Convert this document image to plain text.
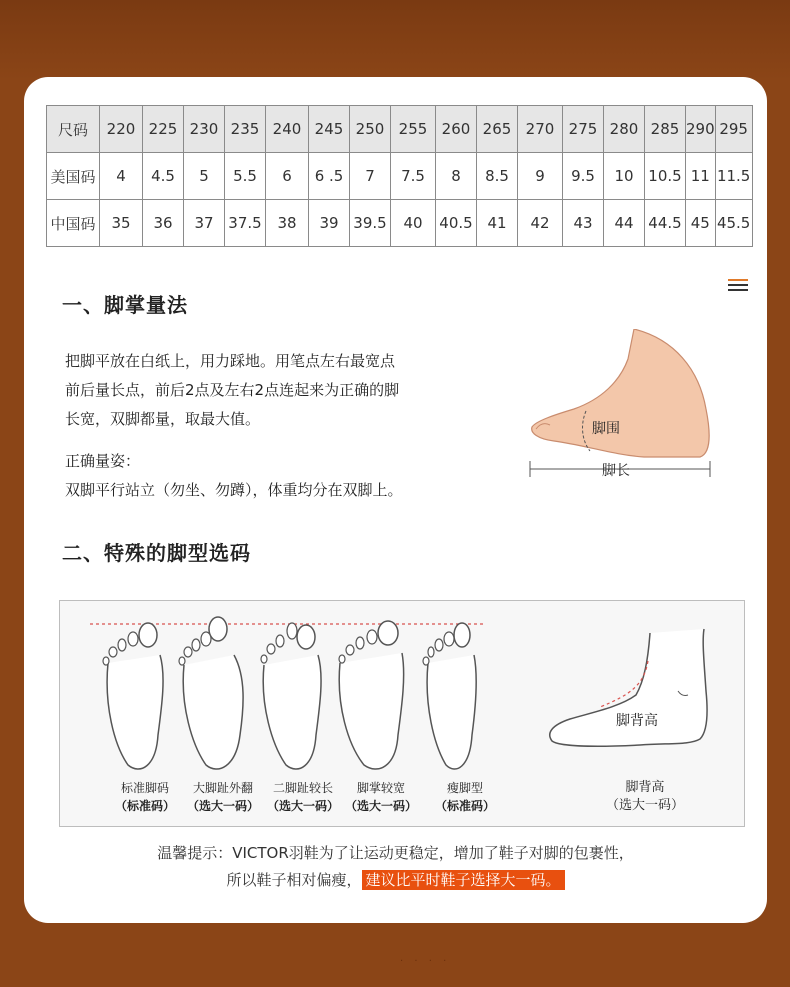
尺码	220	225	230	235	240	245	250	255	260	265	270	275	280	285	290	295
美国码	4	4.5	5	5.5	6	6 .5	7	7.5	8	8.5	9	9.5	10	10.5	11	11.5
中国码	35	36	37	37.5	38	39	39.5	40	40.5	41	42	43	44	44.5	45	45.5
一、脚掌量法
把脚平放在白纸上，用力踩地。用笔点左右最宽点
前后量长点，前后2点及左右2点连起来为正确的脚
长宽，双脚都量，取最大值。
正确量姿：
双脚平行站立（勿坐、勿蹲），体重均分在双脚上。
脚围
脚长
二、特殊的脚型选码
标准脚码
（标准码）
大脚趾外翻
（选大一码）
二脚趾较长
（选大一码）
脚掌较宽
（选大一码）
瘦脚型
（标准码）
脚背高
脚背高
（选大一码）
温馨提示：VICTOR羽鞋为了让运动更稳定，增加了鞋子对脚的包裹性，
所以鞋子相对偏瘦， 建议比平时鞋子选择大一码。
· · · ·
